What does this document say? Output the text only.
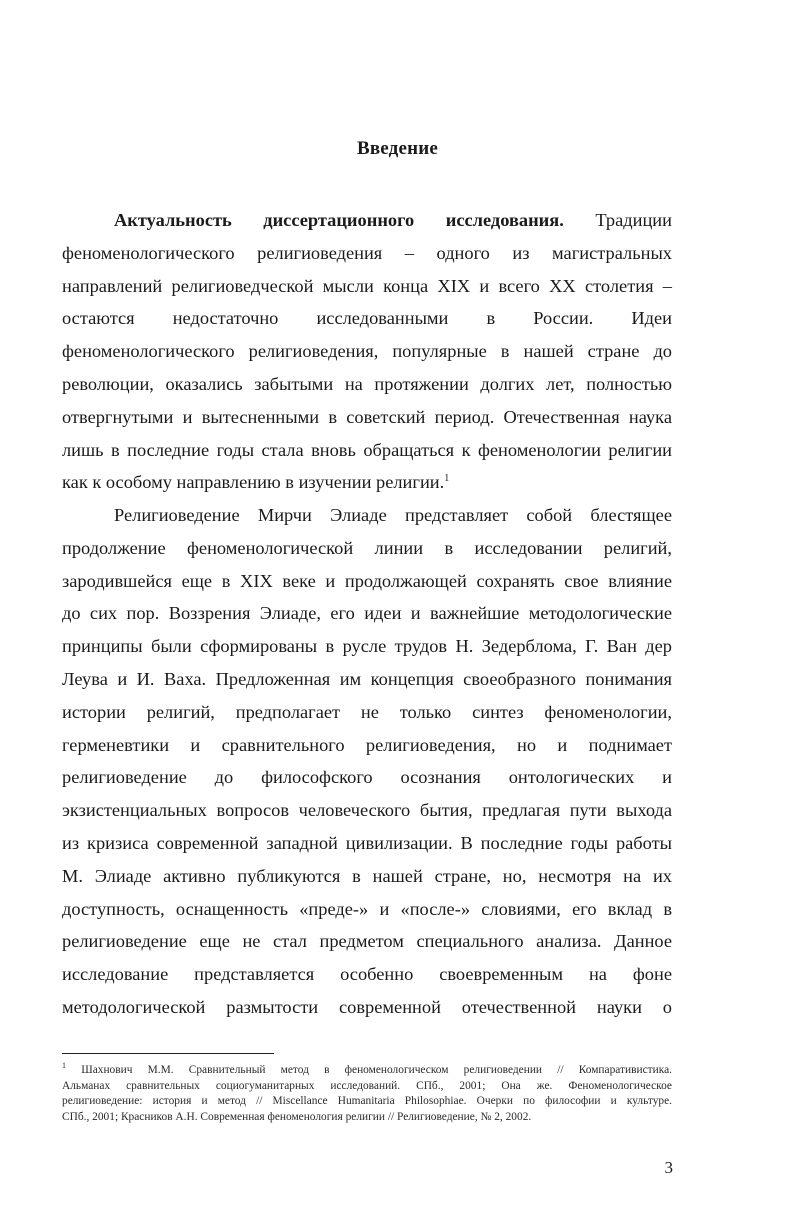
Введение
Актуальность диссертационного исследования. Традиции
феноменологического религиоведения – одного из магистральных
направлений религиоведческой мысли конца XIX и всего XX столетия –
остаются недостаточно исследованными в России. Идеи
феноменологического религиоведения, популярные в нашей стране до
революции, оказались забытыми на протяжении долгих лет, полностью
отвергнутыми и вытесненными в советский период. Отечественная наука
лишь в последние годы стала вновь обращаться к феноменологии религии
как к особому направлению в изучении религии.$^1$
Религиоведение Мирчи Элиаде представляет собой блестящее
продолжение феноменологической линии в исследовании религий,
зародившейся еще в XIX веке и продолжающей сохранять свое влияние
до сих пор. Воззрения Элиаде, его идеи и важнейшие методологические
принципы были сформированы в русле трудов Н. Зедерблома, Г. Ван дер
Леува и И. Ваха. Предложенная им концепция своеобразного понимания
истории религий, предполагает не только синтез феноменологии,
герменевтики и сравнительного религиоведения, но и поднимает
религиоведение до философского осознания онтологических и
экзистенциальных вопросов человеческого бытия, предлагая пути выхода
из кризиса современной западной цивилизации. В последние годы работы
М. Элиаде активно публикуются в нашей стране, но, несмотря на их
доступность, оснащенность «преде-» и «после-» словиями, его вклад в
религиоведение еще не стал предметом специального анализа. Данное
исследование представляется особенно своевременным на фоне
методологической размытости современной отечественной науки о
$^1$ Шахнович М.М. Сравнительный метод в феноменологическом религиоведении // Компаративистика.
Альманах сравнительных социогуманитарных исследований. СПб., 2001; Она же. Феноменологическое
религиоведение: история и метод // Miscellance Humanitaria Philosophiae. Очерки по философии и культуре.
СПб., 2001; Красников А.Н. Современная феноменология религии // Религиоведение, № 2, 2002.
3
